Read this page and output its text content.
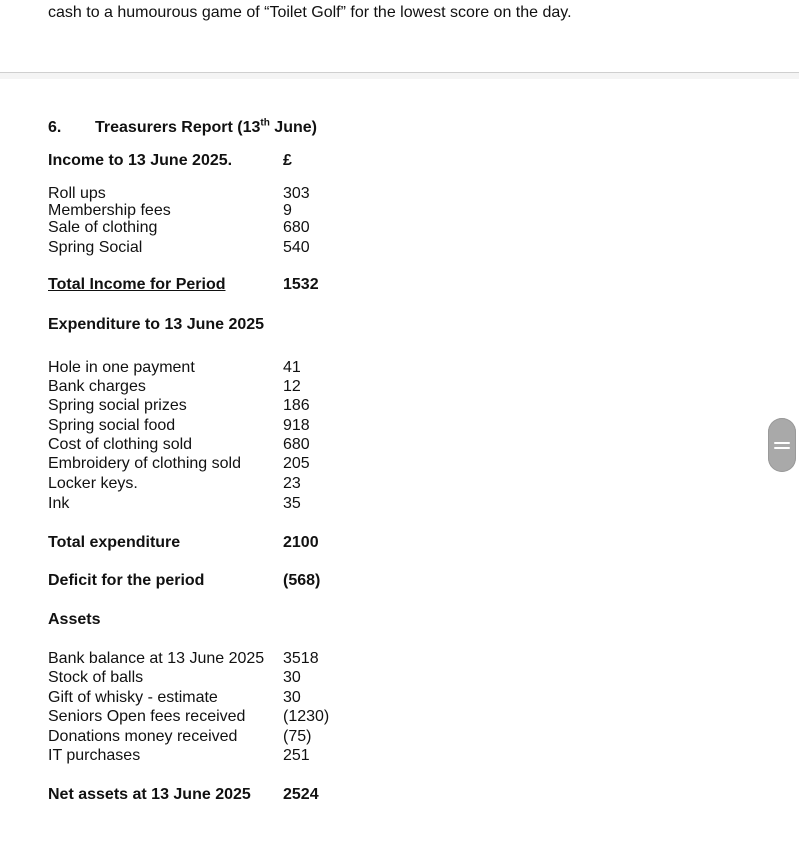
cash to a humourous game of “Toilet Golf” for the lowest score on the day.
6. Treasurers Report (13th June)
Income to 13 June 2025.	£
Roll ups	303
Membership fees	9
Sale of clothing	680
Spring Social	540
Total Income for Period	1532
Expenditure to 13 June 2025
Hole in one payment	41
Bank charges	12
Spring social prizes	186
Spring social food	918
Cost of clothing sold	680
Embroidery of clothing sold	205
Locker keys.	23
Ink	35
Total expenditure	2100
Deficit for the period	(568)
Assets
Bank balance at 13 June 2025 3518
Stock of balls	30
Gift of whisky - estimate	30
Seniors Open fees received (1230)
Donations money received	(75)
IT purchases	251
Net assets at 13 June 2025 2524
